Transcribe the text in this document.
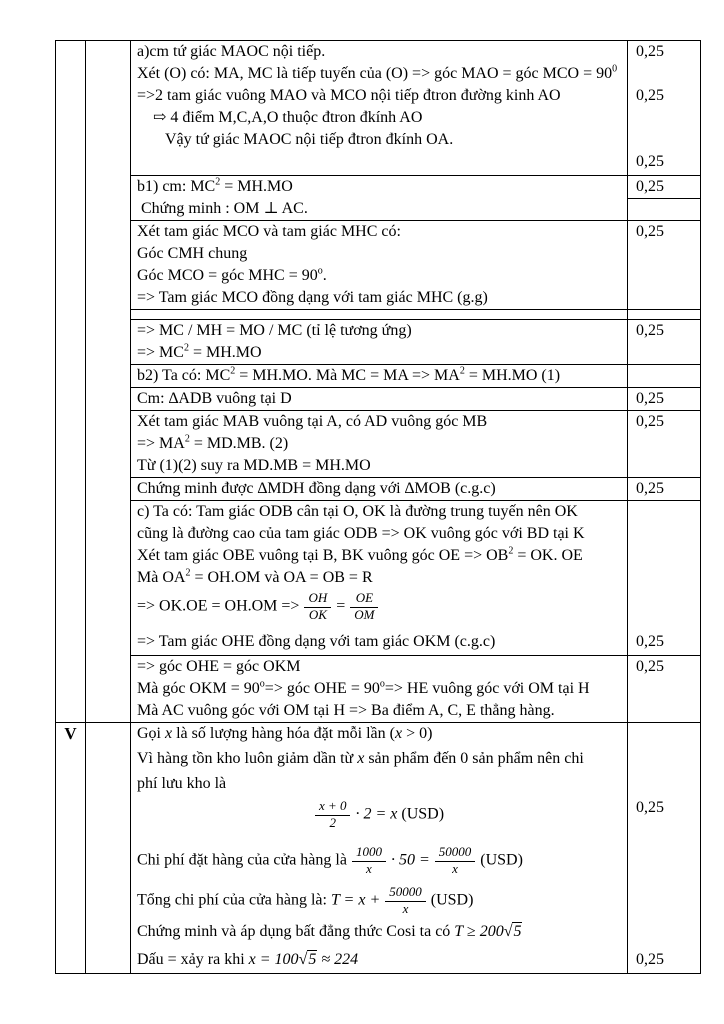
a)cm tứ giác MAOC nội tiếp.	0,25
Xét (O) có: MA, MC là tiếp tuyến của (O) => góc MAO = góc MCO = $90^0$
=>2 tam giác vuông MAO và MCO nội tiếp đtron đường kinh AO	0,25
⇨ 4 điểm M,C,A,O thuộc đtron đkính AO
Vậy tứ giác MAOC nội tiếp đtron đkính OA.
0,25
b1) cm: $MC^2 = MH.MO$	0,25
Chứng minh : OM ⊥ AC.
Xét tam giác MCO và tam giác MHC có:	0,25
Góc CMH chung
Góc MCO = góc MHC = $90^o$.
=> Tam giác MCO đồng dạng với tam giác MHC (g.g)
=> MC / MH = MO / MC (tỉ lệ tương ứng)	0,25
=> $MC^2 = MH.MO$
b2) Ta có: $MC^2 = MH.MO$. Mà MC = MA => $MA^2 = MH.MO$ (1)
Cm: ∆ADB vuông tại D	0,25
Xét tam giác MAB vuông tại A, có AD vuông góc MB	0,25
=> $MA^2 = MD.MB$. (2)
Từ (1)(2) suy ra MD.MB = MH.MO
Chứng minh được ∆MDH đồng dạng với ∆MOB (c.g.c)	0,25
c) Ta có: Tam giác ODB cân tại O, OK là đường trung tuyến nên OK
cũng là đường cao của tam giác ODB => OK vuông góc với BD tại K
Xét tam giác OBE vuông tại B, BK vuông góc OE => $OB^2$ = OK. OE
Mà $OA^2 = OH.OM$ và OA = OB = R
=> $OK.OE = OH.OM => \frac{OH}{OK} = \frac{OE}{OM}$
=> Tam giác OHE đồng dạng với tam giác OKM (c.g.c)	0,25
=> góc OHE = góc OKM	0,25
Mà góc OKM = $90^o=>$ góc OHE = $90^o=>$ HE vuông góc với OM tại H
Mà AC vuông góc với OM tại H => Ba điểm A, C, E thẳng hàng.
V	Gọi x là số lượng hàng hóa đặt mỗi lần (x > 0)
Vì hàng tồn kho luôn giảm dần từ x sản phẩm đến 0 sản phẩm nên chi
phí lưu kho là
$\frac{x + 0}{2} \cdot 2 = x$ (USD)	0,25
Chi phí đặt hàng của cửa hàng là $\frac{1000}{x} \cdot 50 = \frac{50000}{x} (USD)$
Tổng chi phí của cửa hàng là: $T = x + \frac{50000}{x} (USD)$
Chứng minh và áp dụng bất đẳng thức Cosi ta có T ≥ 200√5
Dấu = xảy ra khi x = 100√5 ≈ 224	0,25
